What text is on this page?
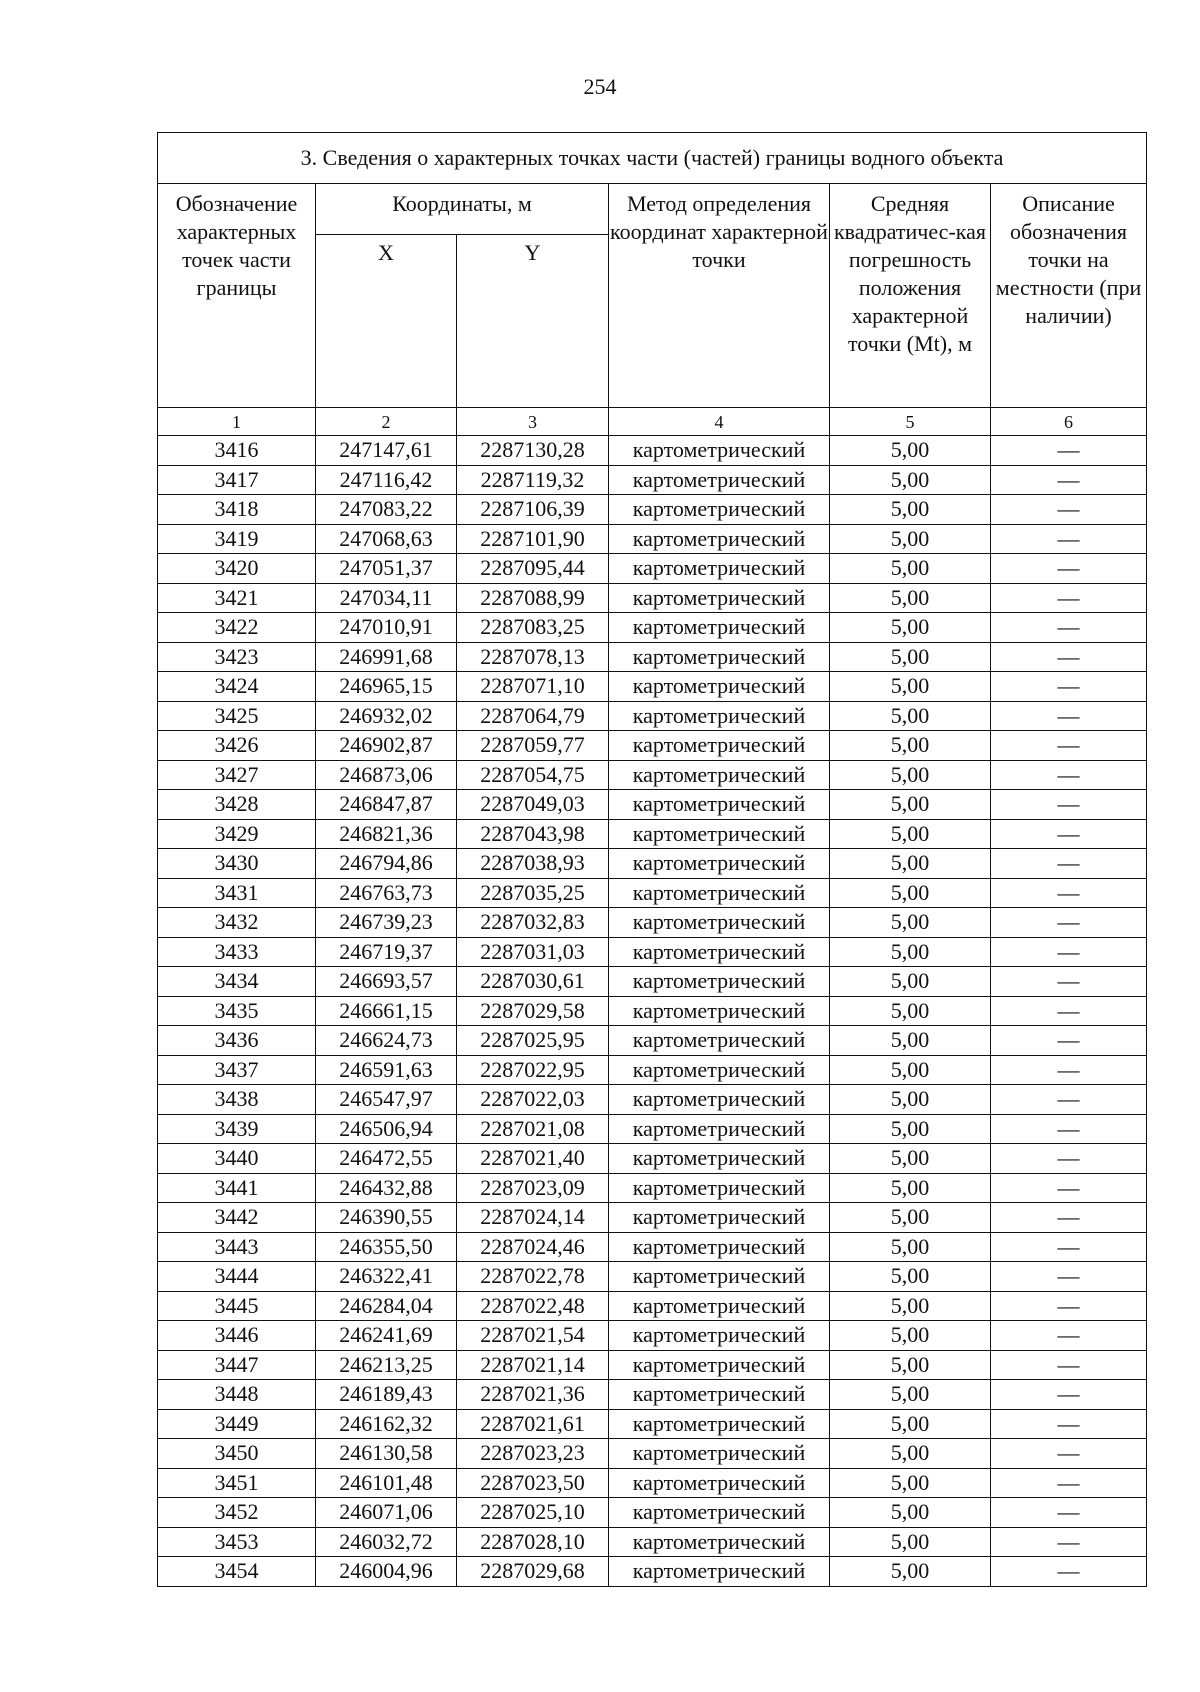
254
3. Сведения о характерных точках части (частей) границы водного объекта					
Обозначение характерных точек части границы	Координаты, м		Метод определения координат характерной точки	Средняя квадратичес-кая погрешность положения характерной точки (Mt), м	Описание обозначения точки на местности (при наличии)
	X	Y			
1	2	3	4	5	6
3416	247147,61	2287130,28	картометрический	5,00	—
3417	247116,42	2287119,32	картометрический	5,00	—
3418	247083,22	2287106,39	картометрический	5,00	—
3419	247068,63	2287101,90	картометрический	5,00	—
3420	247051,37	2287095,44	картометрический	5,00	—
3421	247034,11	2287088,99	картометрический	5,00	—
3422	247010,91	2287083,25	картометрический	5,00	—
3423	246991,68	2287078,13	картометрический	5,00	—
3424	246965,15	2287071,10	картометрический	5,00	—
3425	246932,02	2287064,79	картометрический	5,00	—
3426	246902,87	2287059,77	картометрический	5,00	—
3427	246873,06	2287054,75	картометрический	5,00	—
3428	246847,87	2287049,03	картометрический	5,00	—
3429	246821,36	2287043,98	картометрический	5,00	—
3430	246794,86	2287038,93	картометрический	5,00	—
3431	246763,73	2287035,25	картометрический	5,00	—
3432	246739,23	2287032,83	картометрический	5,00	—
3433	246719,37	2287031,03	картометрический	5,00	—
3434	246693,57	2287030,61	картометрический	5,00	—
3435	246661,15	2287029,58	картометрический	5,00	—
3436	246624,73	2287025,95	картометрический	5,00	—
3437	246591,63	2287022,95	картометрический	5,00	—
3438	246547,97	2287022,03	картометрический	5,00	—
3439	246506,94	2287021,08	картометрический	5,00	—
3440	246472,55	2287021,40	картометрический	5,00	—
3441	246432,88	2287023,09	картометрический	5,00	—
3442	246390,55	2287024,14	картометрический	5,00	—
3443	246355,50	2287024,46	картометрический	5,00	—
3444	246322,41	2287022,78	картометрический	5,00	—
3445	246284,04	2287022,48	картометрический	5,00	—
3446	246241,69	2287021,54	картометрический	5,00	—
3447	246213,25	2287021,14	картометрический	5,00	—
3448	246189,43	2287021,36	картометрический	5,00	—
3449	246162,32	2287021,61	картометрический	5,00	—
3450	246130,58	2287023,23	картометрический	5,00	—
3451	246101,48	2287023,50	картометрический	5,00	—
3452	246071,06	2287025,10	картометрический	5,00	—
3453	246032,72	2287028,10	картометрический	5,00	—
3454	246004,96	2287029,68	картометрический	5,00	—
